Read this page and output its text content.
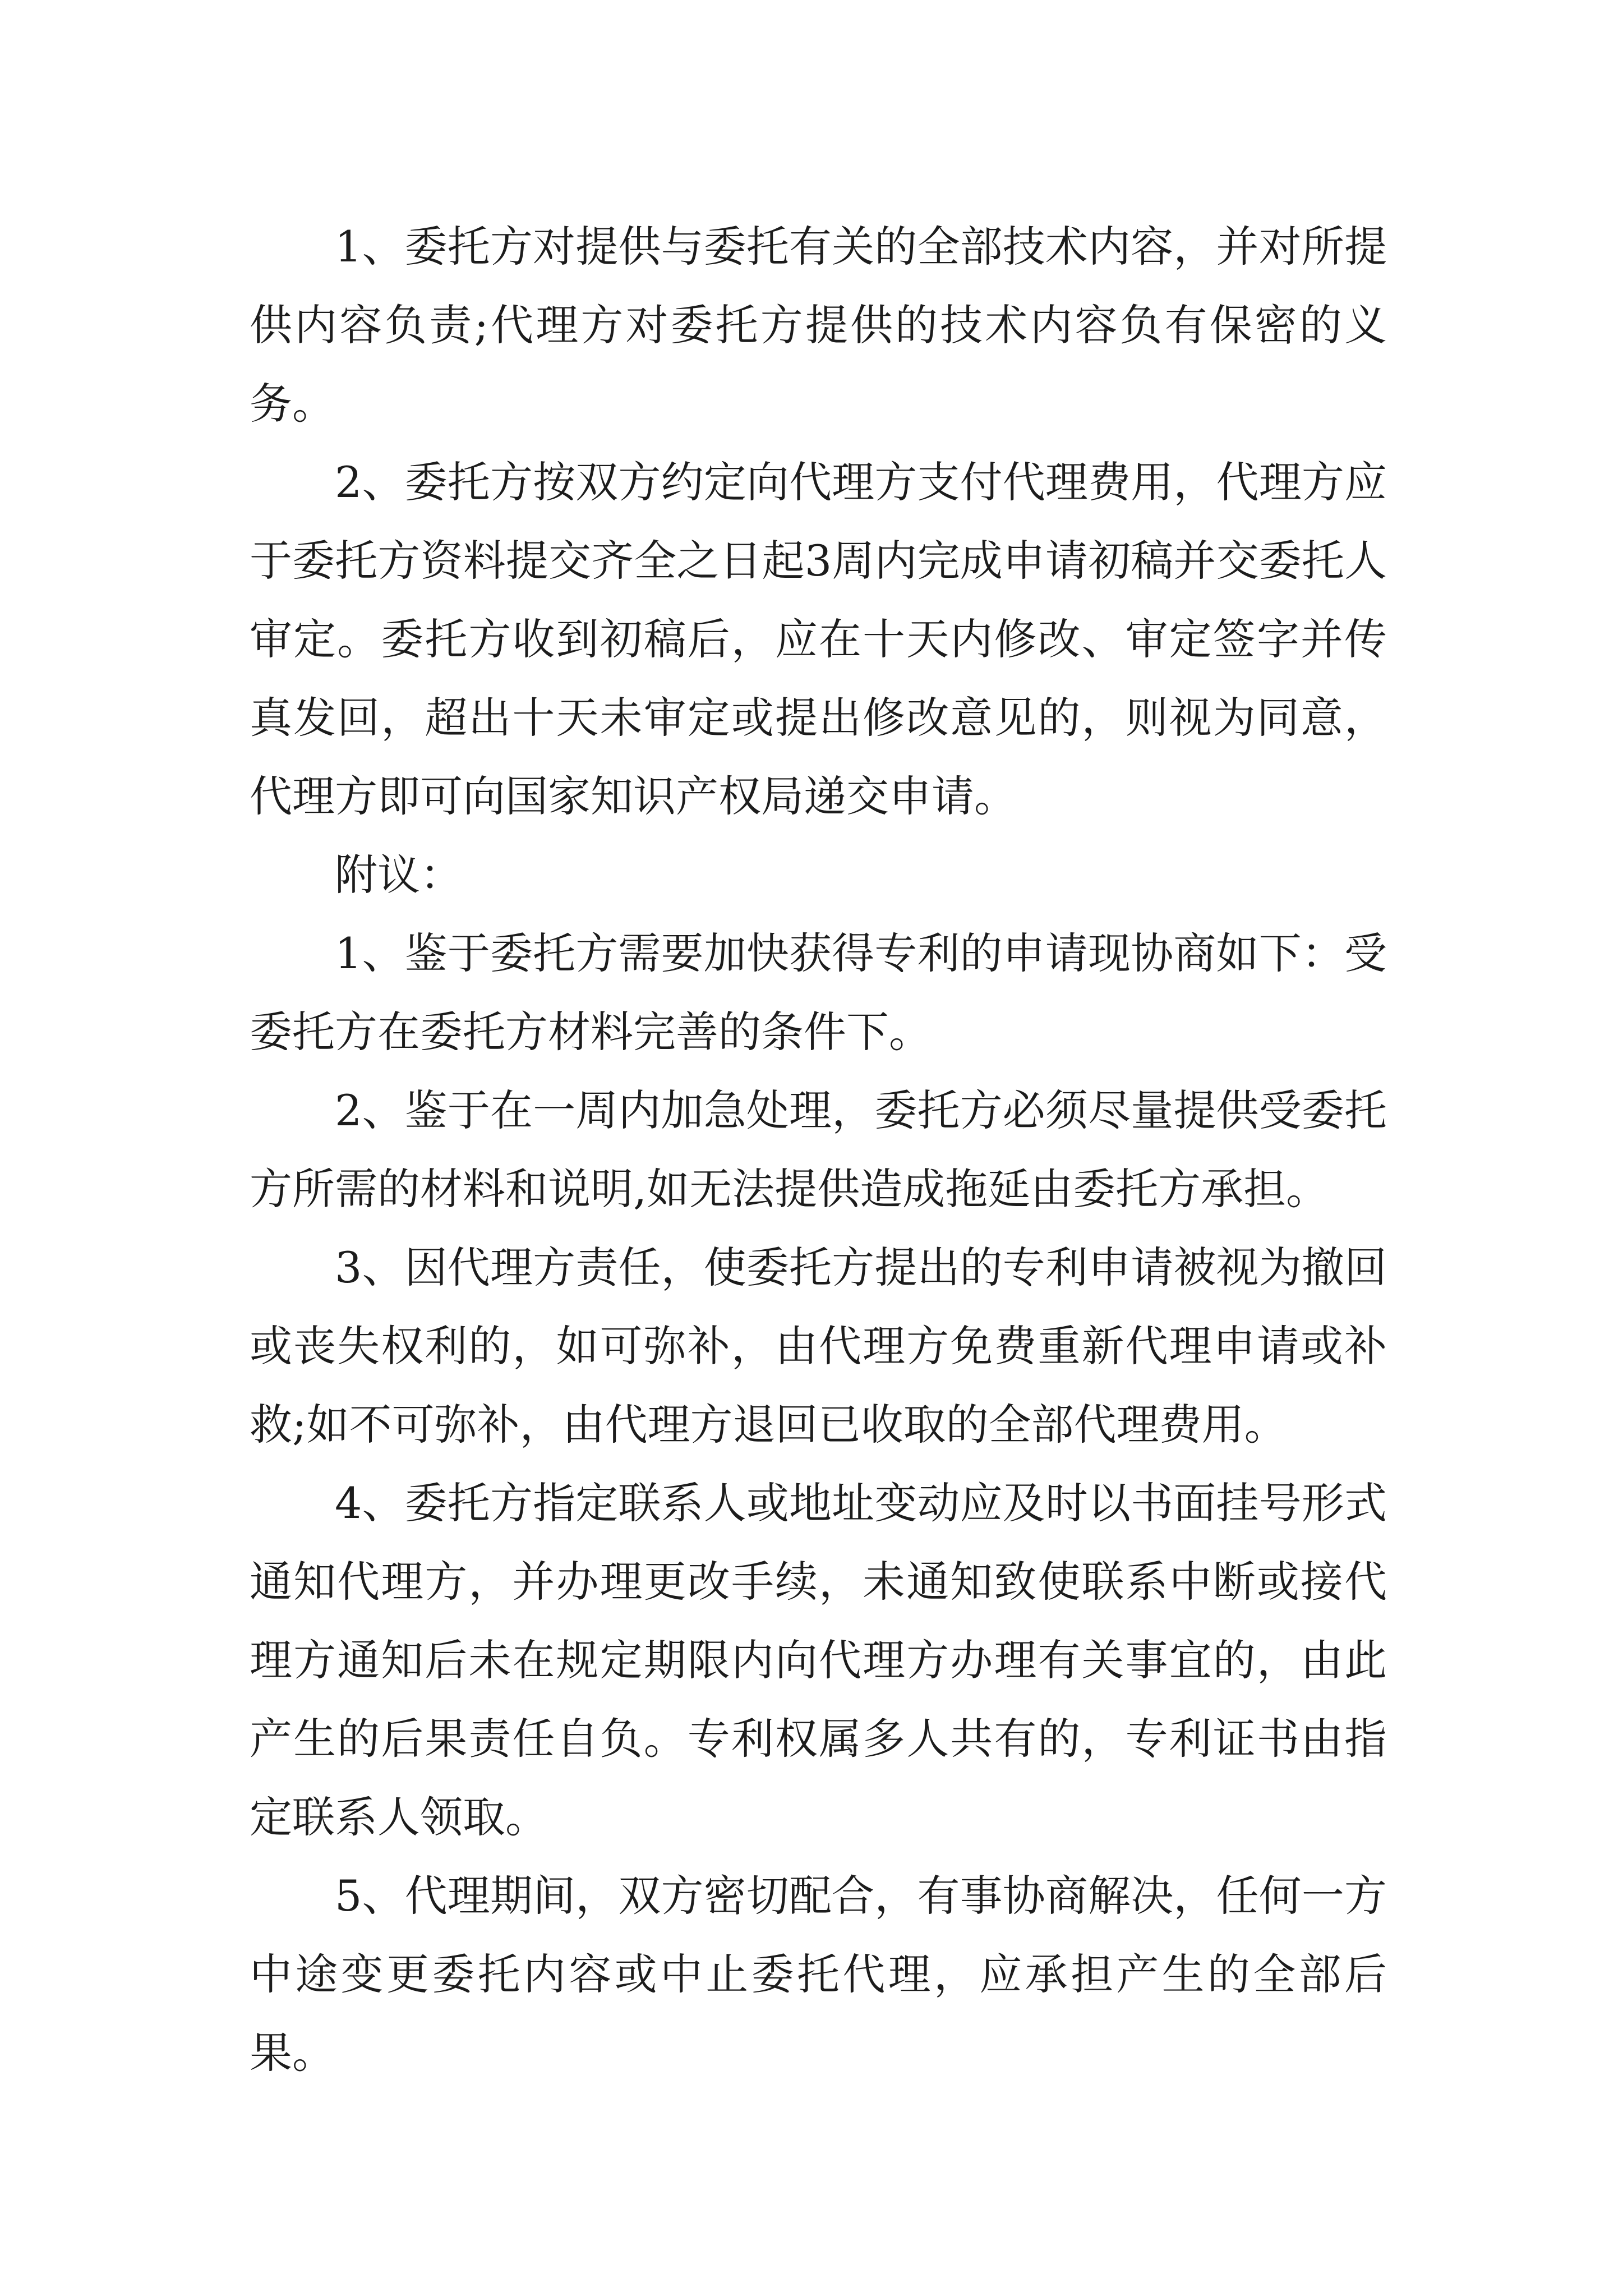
1、委托方对提供与委托有关的全部技术内容，并对所提供内容负责;代理方对委托方提供的技术内容负有保密的义务。

2、委托方按双方约定向代理方支付代理费用，代理方应于委托方资料提交齐全之日起3周内完成申请初稿并交委托人审定。委托方收到初稿后，应在十天内修改、审定签字并传真发回，超出十天未审定或提出修改意见的，则视为同意，代理方即可向国家知识产权局递交申请。

附议：

1、鉴于委托方需要加快获得专利的申请现协商如下：受委托方在委托方材料完善的条件下。

2、鉴于在一周内加急处理，委托方必须尽量提供受委托方所需的材料和说明,如无法提供造成拖延由委托方承担。

3、因代理方责任，使委托方提出的专利申请被视为撤回或丧失权利的，如可弥补，由代理方免费重新代理申请或补救;如不可弥补，由代理方退回已收取的全部代理费用。

4、委托方指定联系人或地址变动应及时以书面挂号形式通知代理方，并办理更改手续，未通知致使联系中断或接代理方通知后未在规定期限内向代理方办理有关事宜的，由此产生的后果责任自负。专利权属多人共有的，专利证书由指定联系人领取。

5、代理期间，双方密切配合，有事协商解决，任何一方中途变更委托内容或中止委托代理，应承担产生的全部后果。
